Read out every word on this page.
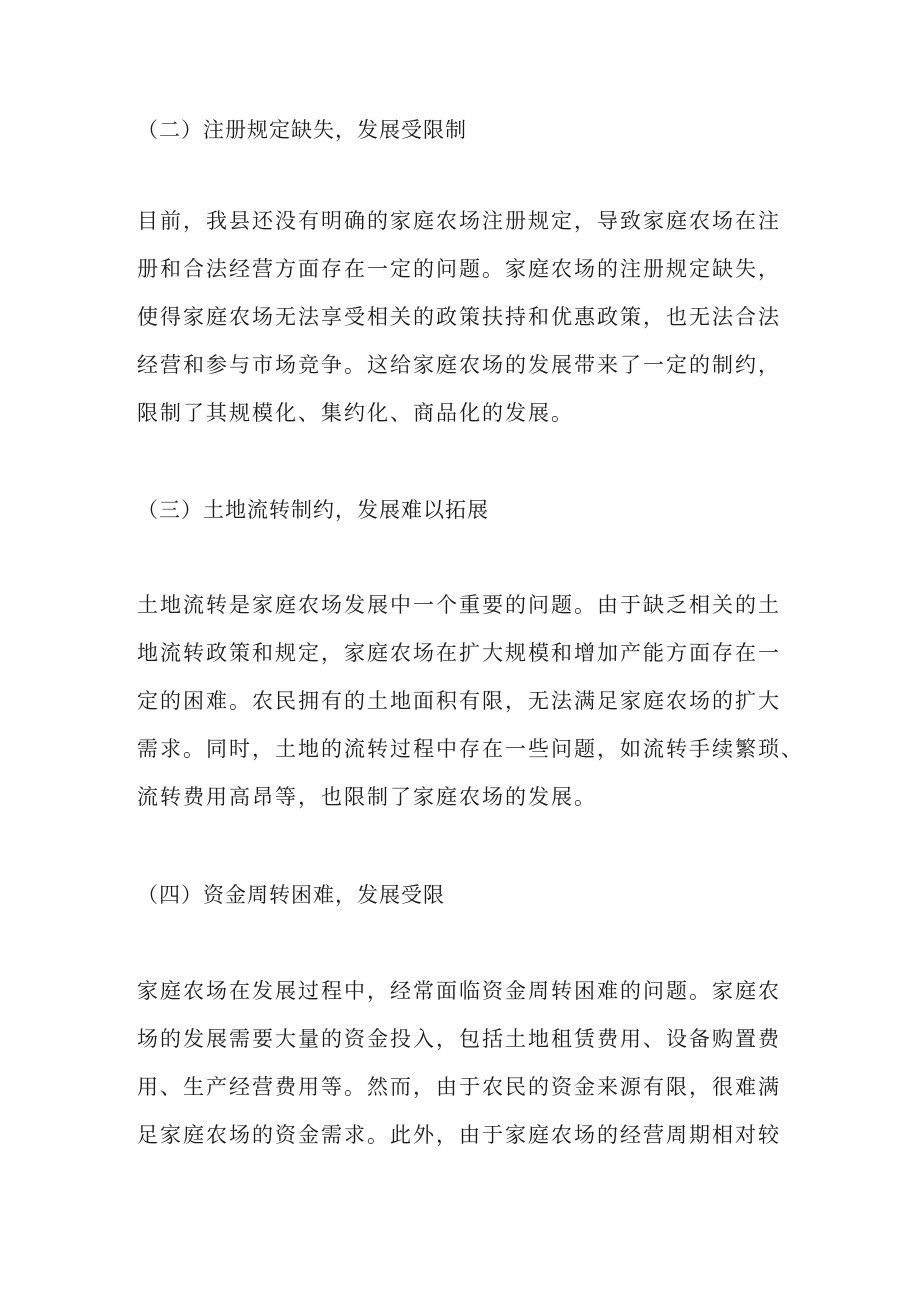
（二）注册规定缺失，发展受限制
目前，我县还没有明确的家庭农场注册规定，导致家庭农场在注
册和合法经营方面存在一定的问题。家庭农场的注册规定缺失，
使得家庭农场无法享受相关的政策扶持和优惠政策，也无法合法
经营和参与市场竞争。这给家庭农场的发展带来了一定的制约，
限制了其规模化、集约化、商品化的发展。
（三）土地流转制约，发展难以拓展
土地流转是家庭农场发展中一个重要的问题。由于缺乏相关的土
地流转政策和规定，家庭农场在扩大规模和增加产能方面存在一
定的困难。农民拥有的土地面积有限，无法满足家庭农场的扩大
需求。同时，土地的流转过程中存在一些问题，如流转手续繁琐、
流转费用高昂等，也限制了家庭农场的发展。
（四）资金周转困难，发展受限
家庭农场在发展过程中，经常面临资金周转困难的问题。家庭农
场的发展需要大量的资金投入，包括土地租赁费用、设备购置费
用、生产经营费用等。然而，由于农民的资金来源有限，很难满
足家庭农场的资金需求。此外，由于家庭农场的经营周期相对较
